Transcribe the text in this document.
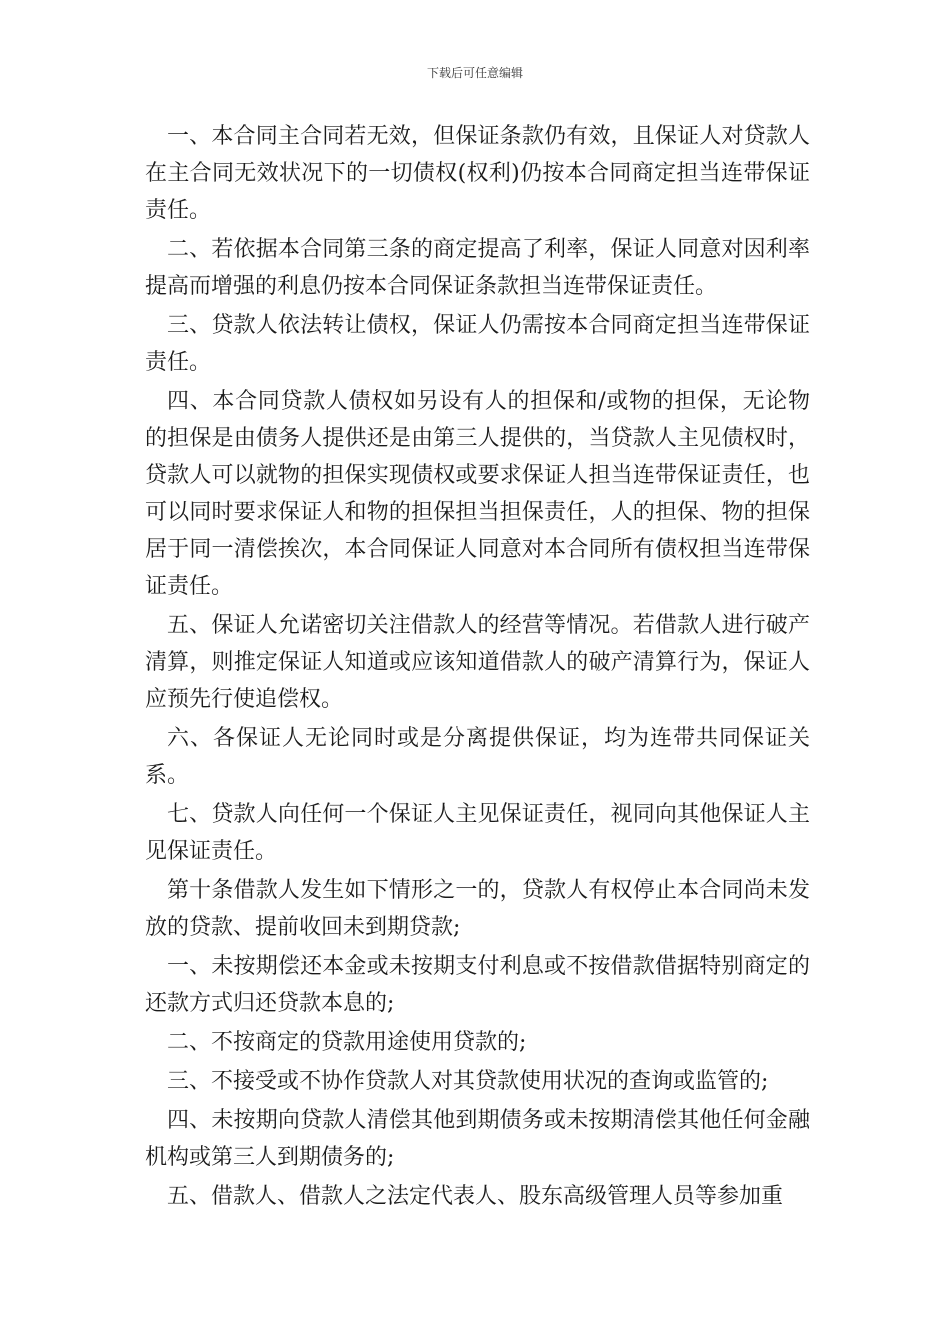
下载后可任意编辑

一、本合同主合同若无效，但保证条款仍有效，且保证人对贷款人在主合同无效状况下的一切债权(权利)仍按本合同商定担当连带保证责任。

二、若依据本合同第三条的商定提高了利率，保证人同意对因利率提高而增强的利息仍按本合同保证条款担当连带保证责任。

三、贷款人依法转让债权，保证人仍需按本合同商定担当连带保证责任。

四、本合同贷款人债权如另设有人的担保和/或物的担保，无论物的担保是由债务人提供还是由第三人提供的，当贷款人主见债权时，贷款人可以就物的担保实现债权或要求保证人担当连带保证责任，也可以同时要求保证人和物的担保担当担保责任，人的担保、物的担保居于同一清偿挨次，本合同保证人同意对本合同所有债权担当连带保证责任。

五、保证人允诺密切关注借款人的经营等情况。若借款人进行破产清算，则推定保证人知道或应该知道借款人的破产清算行为，保证人应预先行使追偿权。

六、各保证人无论同时或是分离提供保证，均为连带共同保证关系。

七、贷款人向任何一个保证人主见保证责任，视同向其他保证人主见保证责任。

第十条借款人发生如下情形之一的，贷款人有权停止本合同尚未发放的贷款、提前收回未到期贷款;

一、未按期偿还本金或未按期支付利息或不按借款借据特别商定的还款方式归还贷款本息的;

二、不按商定的贷款用途使用贷款的;

三、不接受或不协作贷款人对其贷款使用状况的查询或监管的;

四、未按期向贷款人清偿其他到期债务或未按期清偿其他任何金融机构或第三人到期债务的;

五、借款人、借款人之法定代表人、股东高级管理人员等参加重
